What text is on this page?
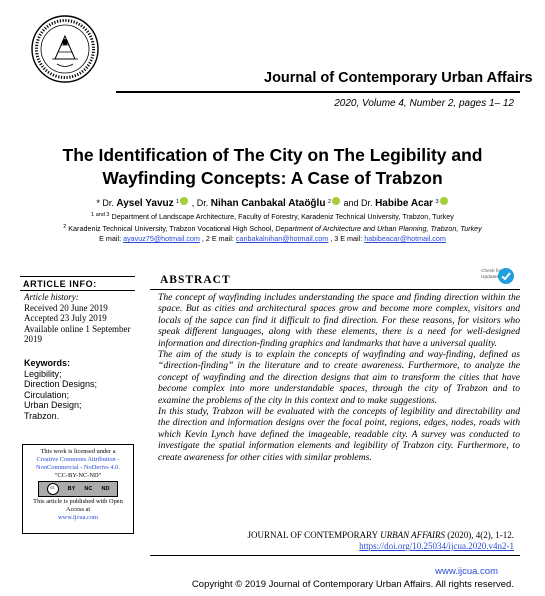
Journal of Contemporary Urban Affairs
2020, Volume 4, Number 2, pages 1– 12
The Identification of The City on The Legibility and
Wayfinding Concepts: A Case of Trabzon
* Dr. Aysel Yavuz $^1$ , Dr. Nihan Canbakal Ataöğlu $^2$ and Dr. Habibe Acar $^3$
$^{1 and 3}$ Department of Landscape Architecture, Faculty of Forestry, Karadeniz Technical University, Trabzon, Turkey
$^2$ Karadeniz Technical University, Trabzon Vocational High School, Department of Architecture and Urban Planning, Trabzon, Turkey
E mail: ayavuz75@hotmail.com , 2 E mail: canbakalnihan@hotmail.com , 3 E mail: habibeacar@hotmail.com
ARTICLE INFO:
Article history:
Received 20 June 2019
Accepted 23 July 2019
Available online 1 September 2019
Keywords:
Legibility;
Direction Designs;
Circulation;
Urban Design;
Trabzon.
This work is licensed under a
Creative Commons Attribution - NonCommercial - NoDerivs 4.0.
"CC-BY-NC-ND"
cc	BY NC ND
This article is published with Open Access at
www.ijcua.com
ABSTRACT
Check for
Updates

The concept of wayfinding includes understanding the space and finding direction within the space. But as cities and architectural spaces grow and become more complex, visitors and locals of the sapce can find it difficult to find direction. For these reasons, for visitors who speak different languages, along with these elements, there is a need for well-designed information and direction-finding graphics and landmarks that have a universal quality.

The aim of the study is to explain the concepts of wayfinding and way-finding, defined as “direction-finding” in the literature and to create awareness. Furthermore, to analyze the concept of wayfinding and the direction designs that aim to transform the cities that have become complex into more understandable spaces, through the city of Trabzon and to examine the problems of the city in this context and to make suggestions.

In this study, Trabzon will be evaluated with the concepts of legibility and directability and the direction and information designs over the focal point, regions, edges, nodes, roads with which Kevin Lynch have defined the imageable, readable city. A survey was conducted to investigate the spatial information elements and legibility of Trabzon city. Furthermore, to create awareness for other cities with similar problems.

JOURNAL OF CONTEMPORARY URBAN AFFAIRS (2020), 4(2), 1-12.
https://doi.org/10.25034/ijcua.2020.v4n2-1
www.ijcua.com
Copyright © 2019 Journal of Contemporary Urban Affairs. All rights reserved.
